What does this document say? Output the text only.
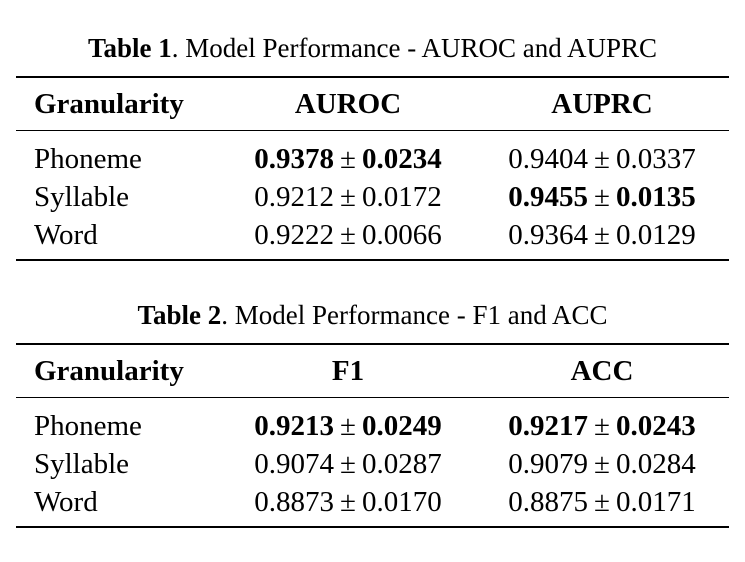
Table 1. Model Performance - AUROC and AUPRC
Granularity	AUROC	AUPRC
Phoneme	0.9378 ± 0.0234	0.9404 ± 0.0337
Syllable	0.9212 ± 0.0172	0.9455 ± 0.0135
Word	0.9222 ± 0.0066	0.9364 ± 0.0129
Table 2. Model Performance - F1 and ACC
Granularity	F1	ACC
Phoneme	0.9213 ± 0.0249	0.9217 ± 0.0243
Syllable	0.9074 ± 0.0287	0.9079 ± 0.0284
Word	0.8873 ± 0.0170	0.8875 ± 0.0171
